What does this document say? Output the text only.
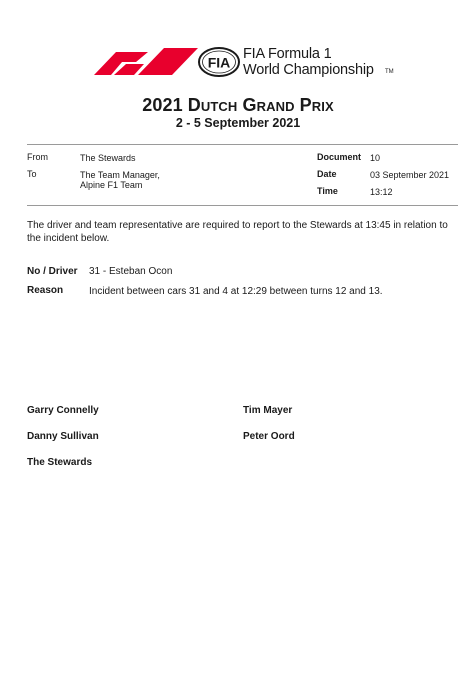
FIA
FIA Formula 1
World Championship TM
2021 Dutch Grand Prix
2 - 5 September 2021
From	The Stewards
To	The Team Manager,
Alpine F1 Team
Document 10
Date	03 September 2021
Time	13:12
The driver and team representative are required to report to the Stewards at 13:45 in relation to the incident below.
No / Driver 31 - Esteban Ocon
Reason	Incident between cars 31 and 4 at 12:29 between turns 12 and 13.
Garry Connelly	Tim Mayer
Danny Sullivan	Peter Oord
The Stewards
